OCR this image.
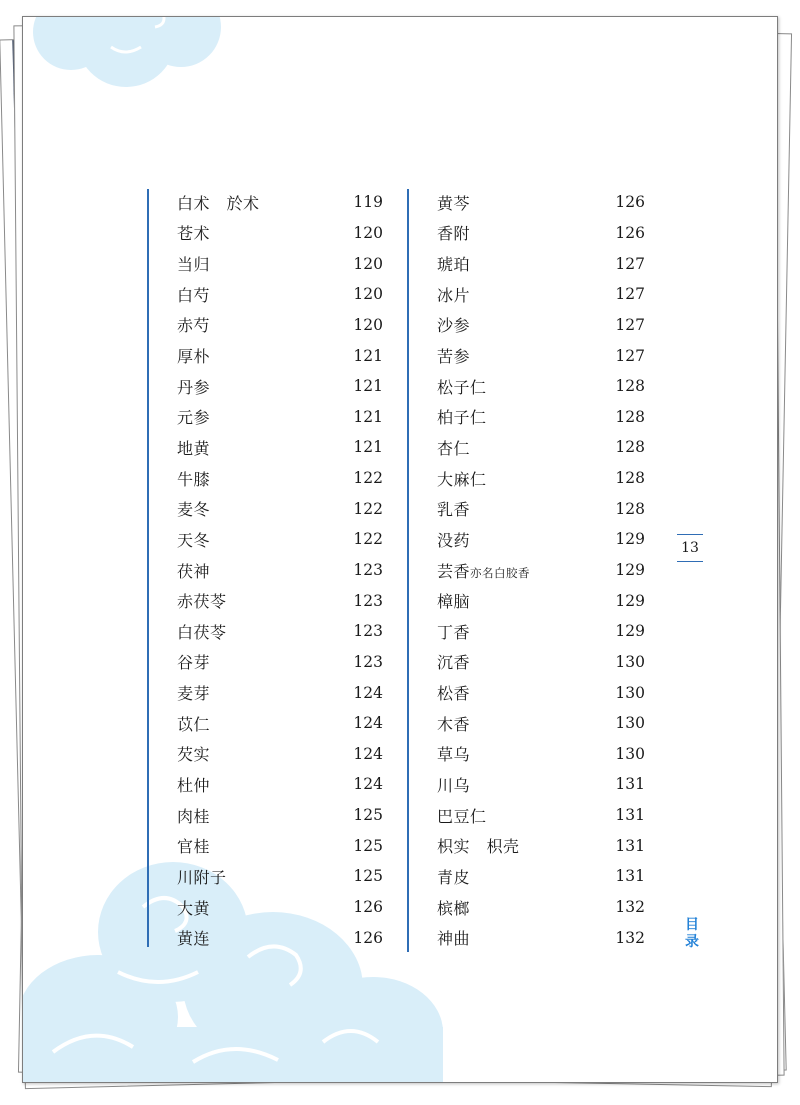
白术　 於术	119
苍术	120
当归	120
白芍	120
赤芍	120
厚朴	121
丹参	121
元参	121
地黄	121
牛膝	122
麦冬	122
天冬	122
茯神	123
赤茯苓	123
白茯苓	123
谷芽	123
麦芽	124
苡仁	124
芡实	124
杜仲	124
肉桂	125
官桂	125
川附子	125
大黄	126
黄连	126
黄芩	126
香附	126
琥珀	127
冰片	127
沙参	127
苦参	127
松子仁	128
柏子仁	128
杏仁	128
大麻仁	128
乳香	128
没药	129
芸香亦名白胶香	129
樟脑	129
丁香	129
沉香	130
松香	130
木香	130
草乌	130
川乌	131
巴豆仁	131
枳实　 枳壳	131
青皮	131
槟榔	132
神曲	132
13
目
录
